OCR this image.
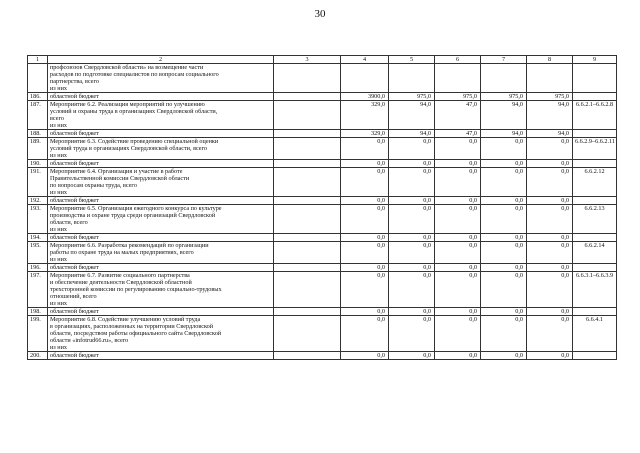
30
1	2	3	4	5	6	7	8	9

	профсоюзов Свердловской области» на возмещение части
расходов по подготовке специалистов по вопросам социального
партнерства, всего
из них							

186.	областной бюджет		3900,0	975,0	975,0	975,0	975,0	
187.	Мероприятие 6.2. Реализация мероприятий по улучшению
условий и охраны труда в организациях Свердловской области,
всего
из них		329,0	94,0	47,0	94,0	94,0	6.6.2.1–6.6.2.8
188.	областной бюджет		329,0	94,0	47,0	94,0	94,0	
189.	Мероприятие 6.3. Содействие проведению специальной оценки
условий труда в организациях Свердловской области, всего
из них		0,0	0,0	0,0	0,0	0,0	6.6.2.9–6.6.2.11
190.	областной бюджет		0,0	0,0	0,0	0,0	0,0	
191.	Мероприятие 6.4. Организация и участие в работе
Правительственной комиссии Свердловской области
по вопросам охраны труда, всего
из них		0,0	0,0	0,0	0,0	0,0	6.6.2.12
192.	областной бюджет		0,0	0,0	0,0	0,0	0,0	
193.	Мероприятие 6.5. Организация ежегодного конкурса по культуре
производства и охране труда среди организаций Свердловской
области, всего
из них		0,0	0,0	0,0	0,0	0,0	6.6.2.13
194.	областной бюджет		0,0	0,0	0,0	0,0	0,0	
195.	Мероприятие 6.6. Разработка рекомендаций по организации
работы по охране труда на малых предприятиях, всего
из них		0,0	0,0	0,0	0,0	0,0	6.6.2.14
196.	областной бюджет		0,0	0,0	0,0	0,0	0,0	
197.	Мероприятие 6.7. Развитие социального партнерства
и обеспечение деятельности Свердловской областной
трехсторонней комиссии по регулированию социально-трудовых
отношений, всего
из них		0,0	0,0	0,0	0,0	0,0	6.6.3.1–6.6.3.9
198.	областной бюджет		0,0	0,0	0,0	0,0	0,0	
199.	Мероприятие 6.8. Содействие улучшению условий труда
в организациях, расположенных на территории Свердловской
области, посредством работы официального сайта Свердловской
области «infotrud66.ru», всего
из них		0,0	0,0	0,0	0,0	0,0	6.6.4.1
200.	областной бюджет		0,0	0,0	0,0	0,0	0,0	
